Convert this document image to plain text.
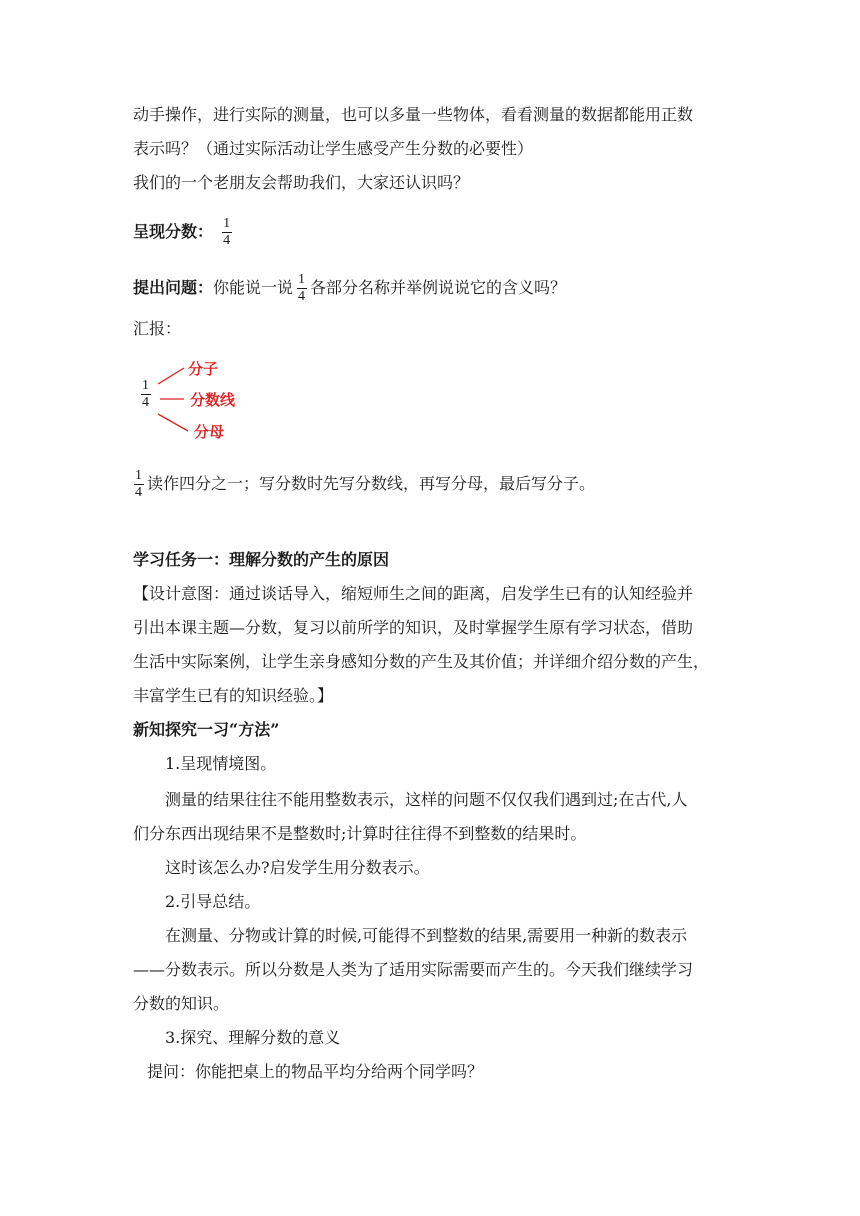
动手操作，进行实际的测量，也可以多量一些物体，看看测量的数据都能用正数
表示吗？（通过实际活动让学生感受产生分数的必要性）
我们的一个老朋友会帮助我们，大家还认识吗？
呈现分数： $\frac{1}{4}$
提出问题：你能说一说 $\frac{1}{4}$ 各部分名称并举例说说它的含义吗？
汇报：
1
4
分子
分数线
分母
$\frac{1}{4}$ 读作四分之一；写分数时先写分数线，再写分母，最后写分子。
学习任务一：理解分数的产生的原因
【设计意图：通过谈话导入，缩短师生之间的距离，启发学生已有的认知经验并
引出本课主题—分数，复习以前所学的知识，及时掌握学生原有学习状态，借助
生活中实际案例，让学生亲身感知分数的产生及其价值；并详细介绍分数的产生，
丰富学生已有的知识经验。】
新知探究一习“方法”
1.呈现情境图。
测量的结果往往不能用整数表示，这样的问题不仅仅我们遇到过;在古代,人
们分东西出现结果不是整数时;计算时往往得不到整数的结果时。
这时该怎么办?启发学生用分数表示。
2.引导总结。
在测量、分物或计算的时候,可能得不到整数的结果,需要用一种新的数表示
——分数表示。所以分数是人类为了适用实际需要而产生的。今天我们继续学习
分数的知识。
3.探究、理解分数的意义
提问：你能把桌上的物品平均分给两个同学吗？
